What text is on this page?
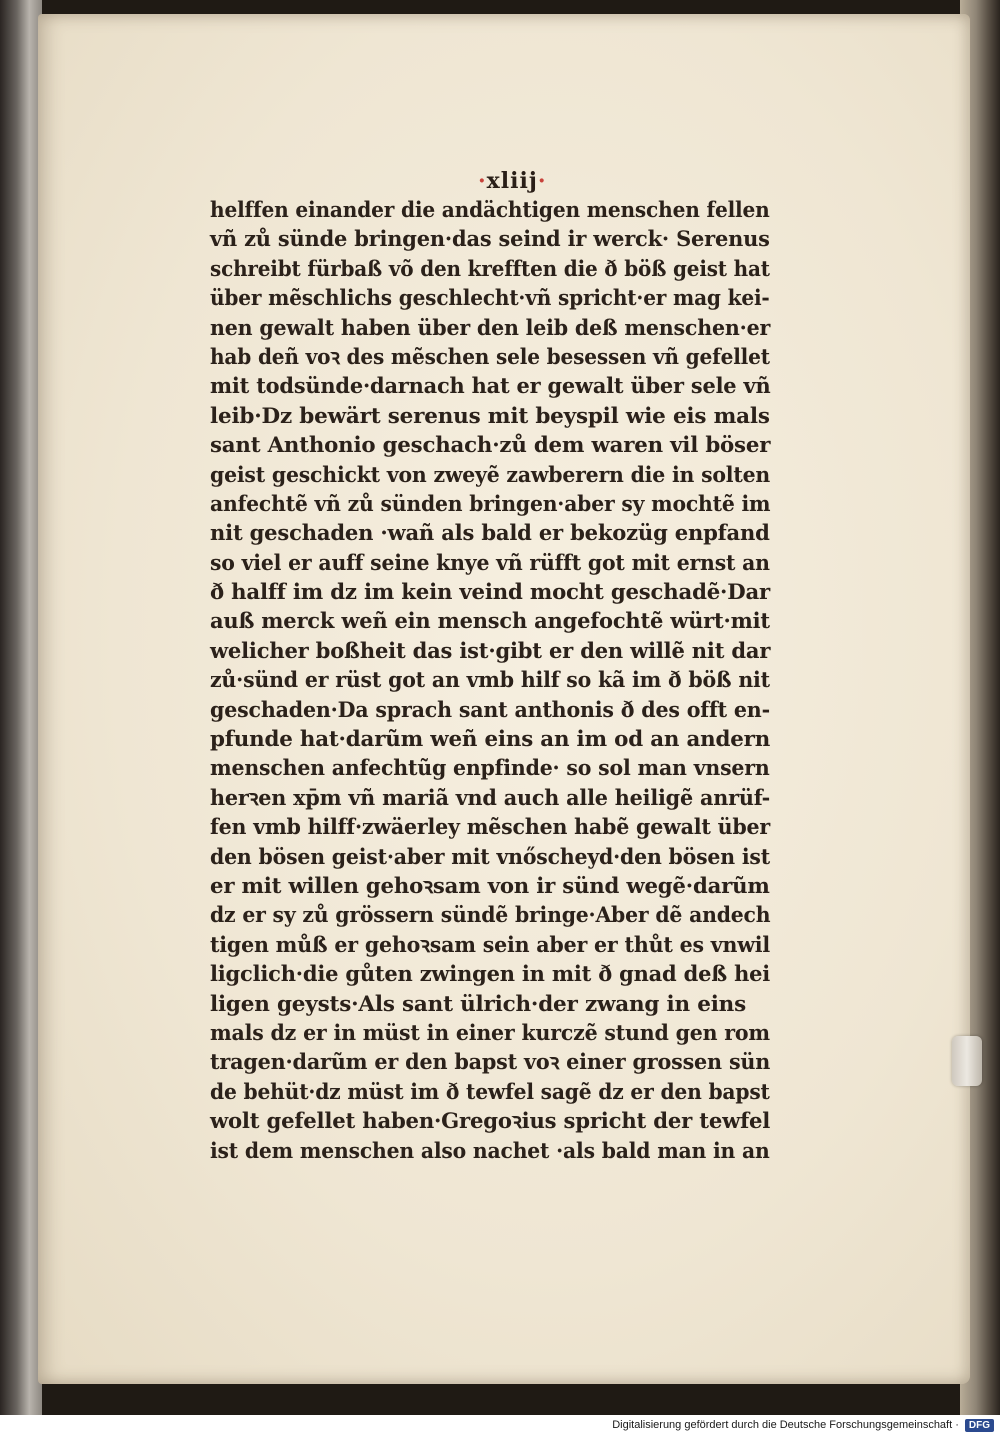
·xliij·
helffen einander die andächtigen menschen fellen
vñ zů sünde bringen·das seind ir werck· Serenus
schreibt fürbaß võ den krefften die ð böß geist hat
über mẽschlichs geschlecht·vñ spricht·er mag kei-
nen gewalt haben über den leib deß menschen·er
hab deñ voꝛ des mẽschen sele besessen vñ gefellet
mit todsünde·darnach hat er gewalt über sele vñ
leib·Dz bewärt serenus mit beyspil wie eis mals
sant Anthonio geschach·zů dem waren vil böser
geist geschickt von zweyẽ zawberern die in solten
anfechtẽ vñ zů sünden bringen·aber sy mochtẽ im
nit geschaden ·wañ als bald er bekozüg enpfand
so viel er auff seine knye vñ rüfft got mit ernst an
ð halff im dz im kein veind mocht geschadẽ·Dar
auß merck weñ ein mensch angefochtẽ würt·mit
welicher boßheit das ist·gibt er den willẽ nit dar
zů·sünd er rüst got an vmb hilf so kã im ð böß nit
geschaden·Da sprach sant anthonis ð des offt en-
pfunde hat·darũm weñ eins an im od an andern
menschen anfechtũg enpfinde· so sol man vnsern
herꝛen xp̄m vñ mariã vnd auch alle heiligẽ anrüf-
fen vmb hilff·zwäerley mẽschen habẽ gewalt über
den bösen geist·aber mit vnőscheyd·den bösen ist
er mit willen gehoꝛsam von ir sünd wegẽ·darũm
dz er sy zů grössern sündẽ bringe·Aber dẽ andech
tigen můß er gehoꝛsam sein aber er thůt es vnwil
ligclich·die gůten zwingen in mit ð gnad deß hei
ligen geysts·Als sant ülrich·der zwang in eins
mals dz er in müst in einer kurczẽ stund gen rom
tragen·darũm er den bapst voꝛ einer grossen sün
de behüt·dz müst im ð tewfel sagẽ dz er den bapst
wolt gefellet haben·Gregoꝛius spricht der tewfel
ist dem menschen also nachet ·als bald man in an
Digitalisierung gefördert durch die Deutsche Forschungsgemeinschaft ·	DFG
